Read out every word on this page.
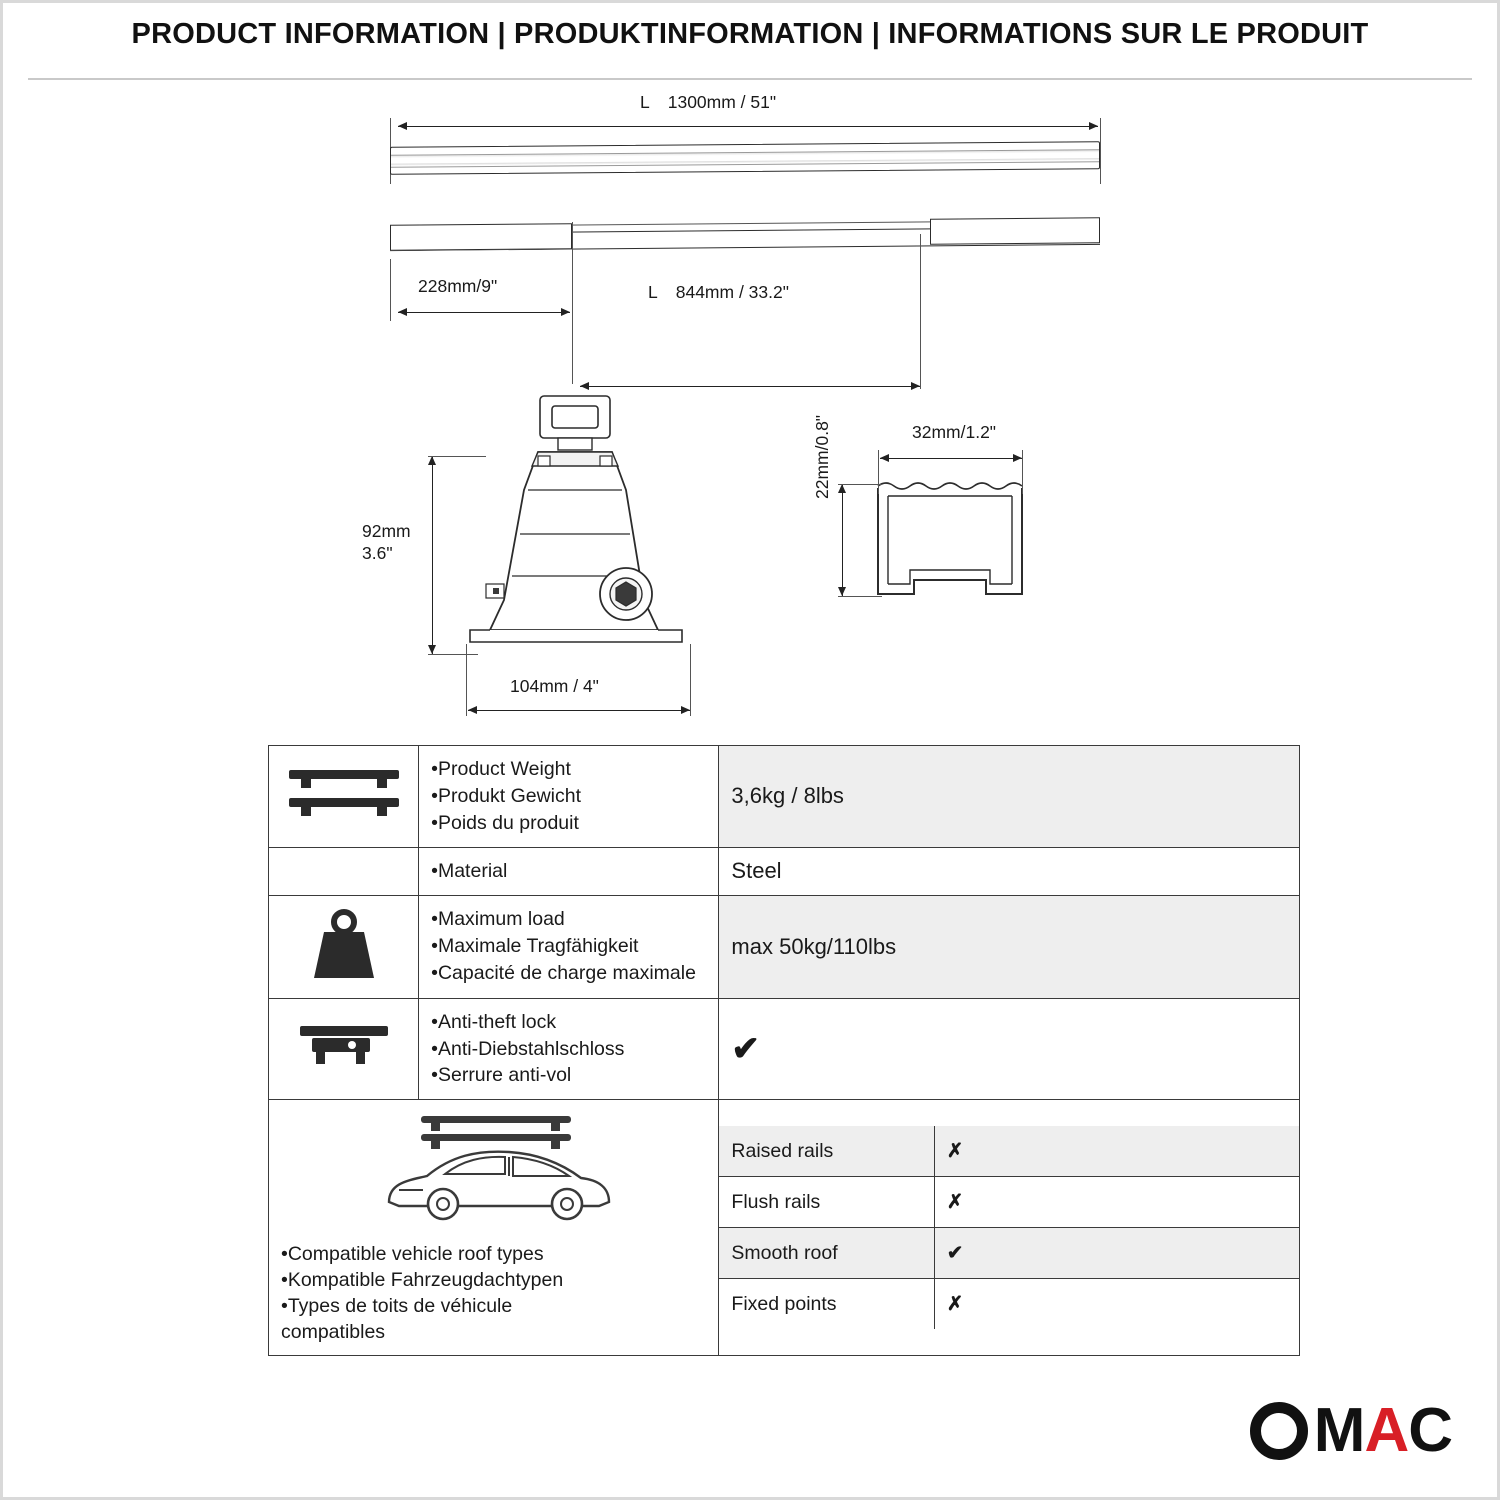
PRODUCT INFORMATION | PRODUKTINFORMATION | INFORMATIONS SUR LE PRODUIT
L 1300mm / 51"
228mm/9"	L 844mm / 33.2"
92mm
3.6"
104mm / 4"
32mm/1.2"
22mm/0.8"

•Product Weight
•Produkt Gewicht
•Poids du produit
	3,6kg / 8lbs

•Material	Steel

•Maximum load
•Maximale Tragfähigkeit
•Capacité de charge maximale
	max 50kg/110lbs

•Anti-theft lock
•Anti-Diebstahlschloss
•Serrure anti-vol
	✔

•Compatible vehicle roof types
•Kompatible Fahrzeugdachtypen
•Types de toits de véhicule
compatibles

Raised rails	✗
Flush rails	✗
Smooth roof	✔
Fixed points	✗
M A C
